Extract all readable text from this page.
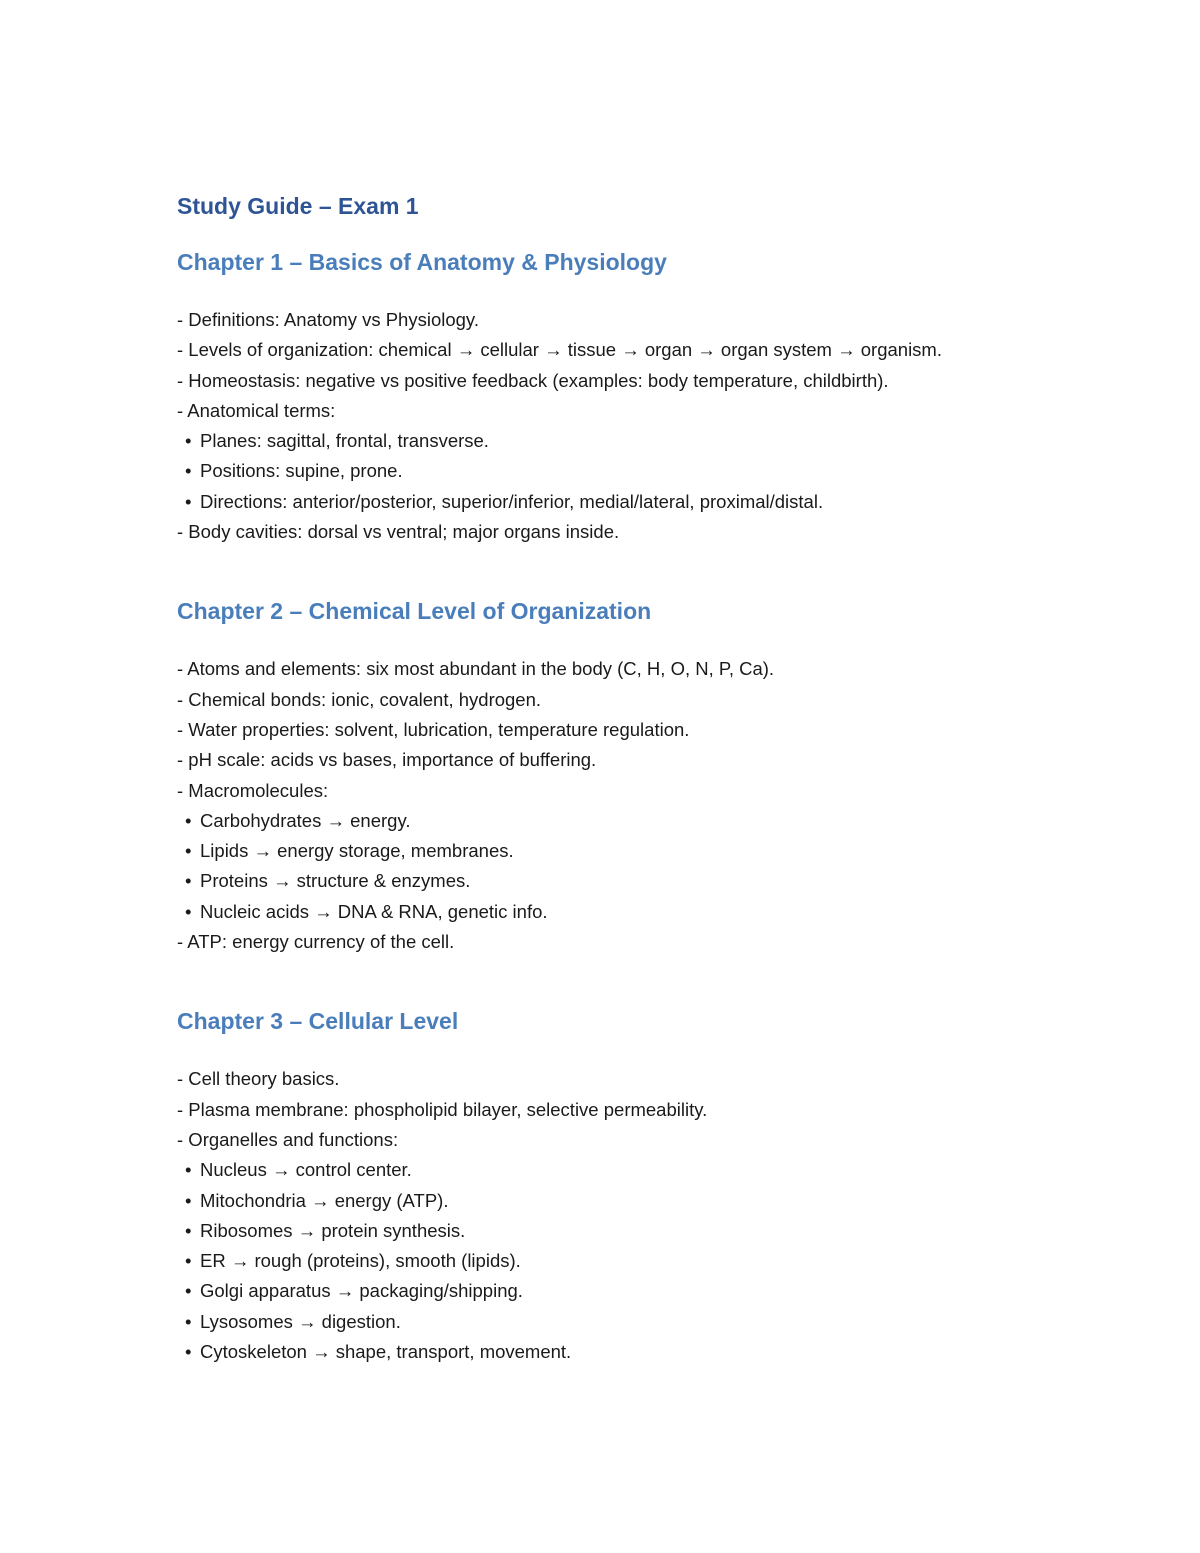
Study Guide – Exam 1
Chapter 1 – Basics of Anatomy & Physiology
- Definitions: Anatomy vs Physiology.
- Levels of organization: chemical → cellular → tissue → organ → organ system → organism.
- Homeostasis: negative vs positive feedback (examples: body temperature, childbirth).
- Anatomical terms:
• Planes: sagittal, frontal, transverse.
• Positions: supine, prone.
• Directions: anterior/posterior, superior/inferior, medial/lateral, proximal/distal.
- Body cavities: dorsal vs ventral; major organs inside.
Chapter 2 – Chemical Level of Organization
- Atoms and elements: six most abundant in the body (C, H, O, N, P, Ca).
- Chemical bonds: ionic, covalent, hydrogen.
- Water properties: solvent, lubrication, temperature regulation.
- pH scale: acids vs bases, importance of buffering.
- Macromolecules:
• Carbohydrates → energy.
• Lipids → energy storage, membranes.
• Proteins → structure & enzymes.
• Nucleic acids → DNA & RNA, genetic info.
- ATP: energy currency of the cell.
Chapter 3 – Cellular Level
- Cell theory basics.
- Plasma membrane: phospholipid bilayer, selective permeability.
- Organelles and functions:
• Nucleus → control center.
• Mitochondria → energy (ATP).
• Ribosomes → protein synthesis.
• ER → rough (proteins), smooth (lipids).
• Golgi apparatus → packaging/shipping.
• Lysosomes → digestion.
• Cytoskeleton → shape, transport, movement.
